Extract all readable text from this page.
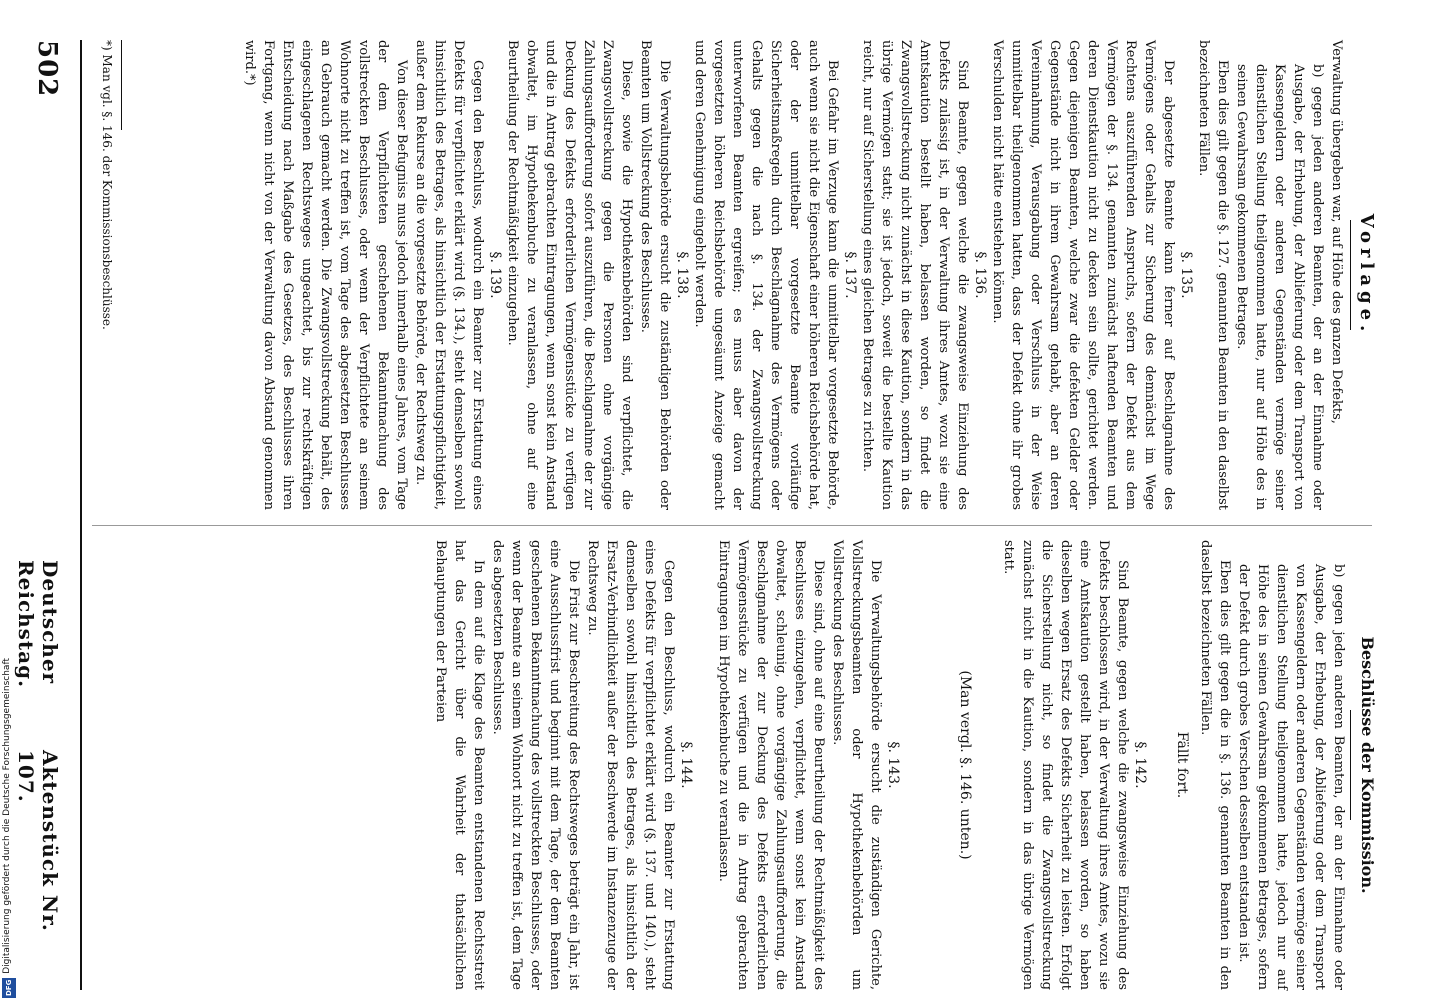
502
Deutscher Reichstag.
Aktenstück Nr. 107.
Vorlage.
Verwaltung übergeben war, auf Höhe des ganzen Defekts,
b) gegen jeden anderen Beamten, der an der Einnahme oder Ausgabe, der Erhebung, der Ablieferung oder dem Transport von Kassengeldern oder anderen Gegenständen vermöge seiner dienstlichen Stellung theilgenommen hatte, nur auf Höhe des in seinen Gewahrsam gekommenen Betrages.
Eben dies gilt gegen die §. 127. genannten Beamten in den daselbst bezeichneten Fällen.
§. 135.
Der abgesetzte Beamte kann ferner auf Beschlagnahme des Vermögens oder Gehalts zur Sicherung des demnächst im Wege Rechtens auszuführenden Anspruchs, sofern der Defekt aus dem Vermögen der §. 134. genannten zunächst haftenden Beamten und deren Dienstkaution nicht zu decken sein sollte, gerichtet werden. Gegen diejenigen Beamten, welche zwar die defekten Gelder oder Gegenstände nicht in ihrem Gewahrsam gehabt, aber an deren Vereinnahmung, Verausgabung oder Verschluss in der Weise unmittelbar theilgenommen hatten, dass der Defekt ohne ihr grobes Verschulden nicht hätte entstehen können.
§. 136.
Sind Beamte, gegen welche die zwangsweise Einziehung des Defekts zulässig ist, in der Verwaltung ihres Amtes, wozu sie eine Amtskaution bestellt haben, belassen worden, so findet die Zwangsvollstreckung nicht zunächst in diese Kaution, sondern in das übrige Vermögen statt; sie ist jedoch, soweit die bestellte Kaution reicht, nur auf Sicherstellung eines gleichen Betrages zu richten.
§. 137.
Bei Gefahr im Verzuge kann die unmittelbar vorgesetzte Behörde, auch wenn sie nicht die Eigenschaft einer höheren Reichsbehörde hat, oder der unmittelbar vorgesetzte Beamte vorläufige Sicherheitsmaßregeln durch Beschlagnahme des Vermögens oder Gehalts gegen die nach §. 134. der Zwangsvollstreckung unterworfenen Beamten ergreifen; es muss aber davon der vorgesetzten höheren Reichsbehörde ungesäumt Anzeige gemacht und deren Genehmigung eingeholt werden.
§. 138.
Die Verwaltungsbehörde ersucht die zuständigen Behörden oder Beamten um Vollstreckung des Beschlusses.
Diese, sowie die Hypothekenbehörden sind verpflichtet, die Zwangsvollstreckung gegen die Personen ohne vorgängige Zahlungsaufforderung sofort auszuführen, die Beschlagnahme der zur Deckung des Defekts erforderlichen Vermögensstücke zu verfügen und die in Antrag gebrachten Eintragungen, wenn sonst kein Anstand obwaltet, im Hypothekenbuche zu veranlassen, ohne auf eine Beurtheilung der Rechtmäßigkeit einzugehen.
§. 139.
Gegen den Beschluss, wodurch ein Beamter zur Erstattung eines Defekts für verpflichtet erklärt wird (§. 134.), steht demselben sowohl hinsichtlich des Betrages, als hinsichtlich der Erstattungspflichtigkeit, außer dem Rekurse an die vorgesetzte Behörde, der Rechtsweg zu.
Von dieser Befugniss muss jedoch innerhalb eines Jahres, vom Tage der dem Verpflichteten geschehenen Bekanntmachung des vollstreckten Beschlusses, oder wenn der Verpflichtete an seinem Wohnorte nicht zu treffen ist, vom Tage des abgesetzten Beschlusses an Gebrauch gemacht werden. Die Zwangsvollstreckung behält, des eingeschlagenen Rechtsweges ungeachtet, bis zur rechtskräftigen Entscheidung nach Maßgabe des Gesetzes, des Beschlusses ihren Fortgang, wenn nicht von der Verwaltung davon Abstand genommen wird.*)
*) Man vgl. §. 146. der Kommissionsbeschlüsse.
Beschlüsse der Kommission.
b) gegen jeden anderen Beamten, der an der Einnahme oder Ausgabe, der Erhebung, der Ablieferung oder dem Transport von Kassengeldern oder anderen Gegenständen vermöge seiner dienstlichen Stellung theilgenommen hatte, jedoch nur auf Höhe des in seinen Gewahrsam gekommenen Betrages, sofern der Defekt durch grobes Verschen desselben entstanden ist.
Eben dies gilt gegen die in §. 136. genannten Beamten in den daselbst bezeichneten Fällen.
Fällt fort.
§. 142.
Sind Beamte, gegen welche die zwangsweise Einziehung des Defekts beschlossen wird, in der Verwaltung ihres Amtes, wozu sie eine Amtskaution gestellt haben, belassen worden, so haben dieselben wegen Ersatz des Defekts Sicherheit zu leisten. Erfolgt die Sicherstellung nicht, so findet die Zwangsvollstreckung zunächst nicht in die Kaution, sondern in das übrige Vermögen statt.
(Man vergl. §. 146. unten.)
§. 143.
Die Verwaltungsbehörde ersucht die zuständigen Gerichte, Vollstreckungsbeamten oder Hypothekenbehörden um Vollstreckung des Beschlusses.
Diese sind, ohne auf eine Beurtheilung der Rechtmäßigkeit des Beschlusses einzugehen, verpflichtet, wenn sonst kein Anstand obwaltet, schleunig, ohne vorgängige Zahlungsaufforderung, die Beschlagnahme der zur Deckung des Defekts erforderlichen Vermögensstücke zu verfügen und die in Antrag gebrachten Eintragungen im Hypothekenbuche zu veranlassen.
§. 144.
Gegen den Beschluss, wodurch ein Beamter zur Erstattung eines Defekts für verpflichtet erklärt wird (§. 137. und 140.), steht demselben sowohl hinsichtlich des Betrages, als hinsichtlich der Ersatz-Verbindlichkeit außer der Beschwerde im Instanzenzuge der Rechtsweg zu.
Die Frist zur Beschreitung des Rechtsweges beträgt ein Jahr, ist eine Ausschlussfrist und beginnt mit dem Tage, der dem Beamten geschehenen Bekanntmachung des vollstreckten Beschlusses, oder wenn der Beamte an seinem Wohnort nicht zu treffen ist, dem Tage des abgesetzten Beschlusses.
In dem auf die Klage des Beamten entstandenen Rechtsstreit hat das Gericht über die Wahrheit der thatsächlichen Behauptungen der Parteien
Digitalisierung gefördert durch die Deutsche Forschungsgemeinschaft
DFG
